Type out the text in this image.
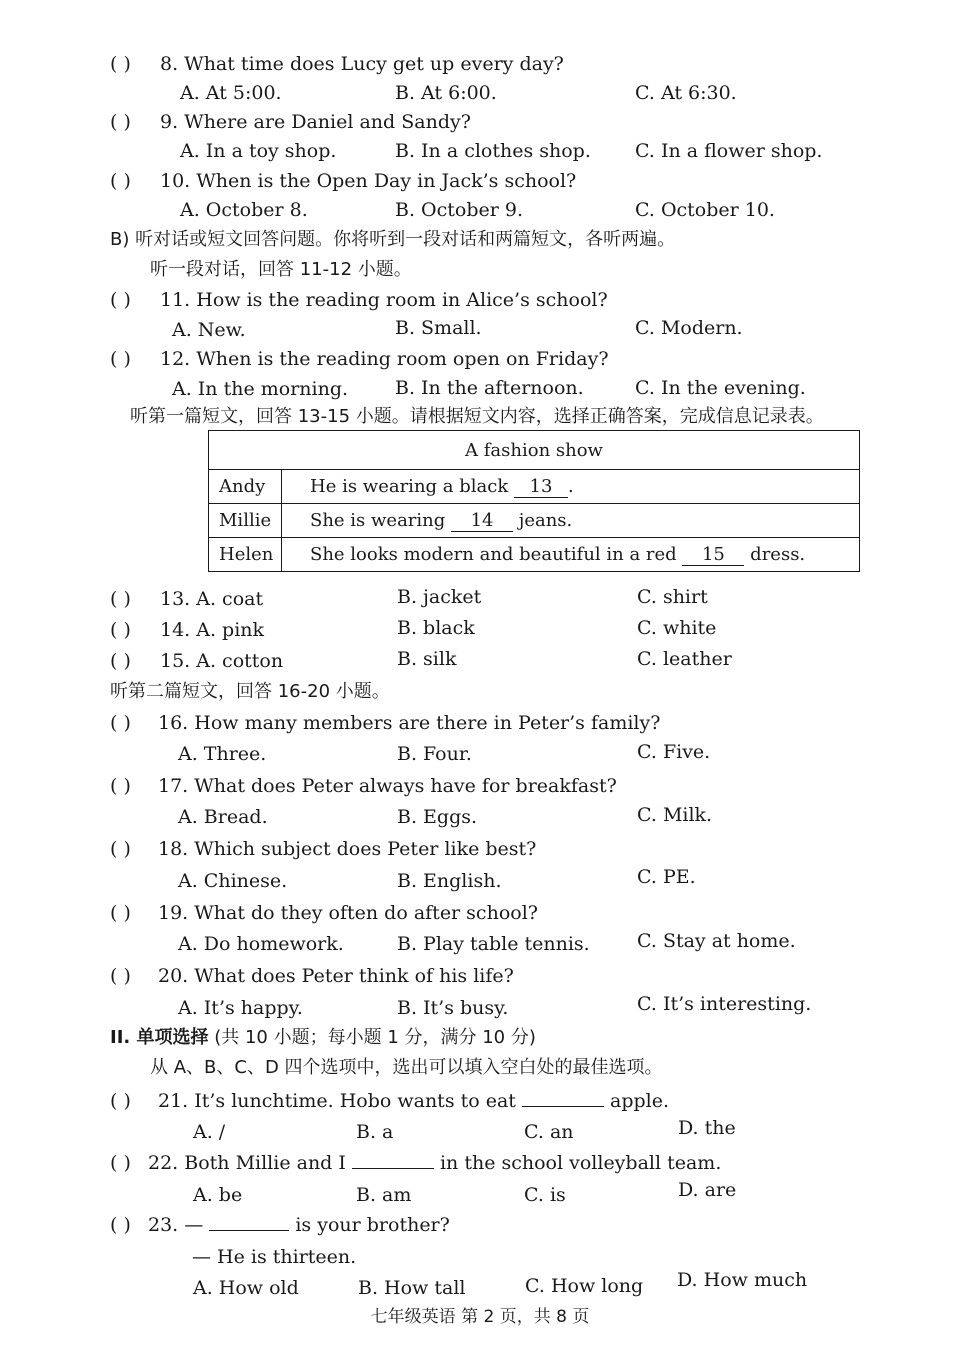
( ) 8. What time does Lucy get up every day?
A. At 5:00.	B. At 6:00.	C. At 6:30.
( ) 9. Where are Daniel and Sandy?
A. In a toy shop.	B. In a clothes shop. C. In a flower shop.
( ) 10. When is the Open Day in Jack’s school?
A. October 8.	B. October 9.	C. October 10.
B) 听对话或短文回答问题。你将听到一段对话和两篇短文，各听两遍。
听一段对话，回答 11-12 小题。
( ) 11. How is the reading room in Alice’s school?
A. New.	B. Small.	C. Modern.
( ) 12. When is the reading room open on Friday?
A. In the morning. B. In the afternoon.	C. In the evening.
听第一篇短文，回答 13-15 小题。请根据短文内容，选择正确答案，完成信息记录表。
A fashion show	
Andy	He is wearing a black 13 .
Millie	She is wearing 14 jeans.
Helen	She looks modern and beautiful in a red 15 dress.
( ) 13. A. coat	B. jacket	C. shirt
( ) 14. A. pink	B. black	C. white
( ) 15. A. cotton	B. silk	C. leather
听第二篇短文，回答 16-20 小题。
( ) 16. How many members are there in Peter’s family?
A. Three.	B. Four.	C. Five.
( ) 17. What does Peter always have for breakfast?
A. Bread.	B. Eggs.	C. Milk.
( ) 18. Which subject does Peter like best?
A. Chinese.	B. English.	C. PE.
( ) 19. What do they often do after school?
A. Do homework.	B. Play table tennis. C. Stay at home.
( ) 20. What does Peter think of his life?
A. It’s happy.	B. It’s busy.	C. It’s interesting.
II. 单项选择 (共 10 小题；每小题 1 分，满分 10 分)
从 A、B、C、D 四个选项中，选出可以填入空白处的最佳选项。
( ) 21. It’s lunchtime. Hobo wants to eat	apple.
A. /	B. a	C. an	D. the
( ) 22. Both Millie and I	in the school volleyball team.
A. be	B. am	C. is	D. are
( ) 23. —	is your brother?
— He is thirteen.
A. How old	B. How tall	C. How long D. How much
七年级英语 第 2 页，共 8 页
